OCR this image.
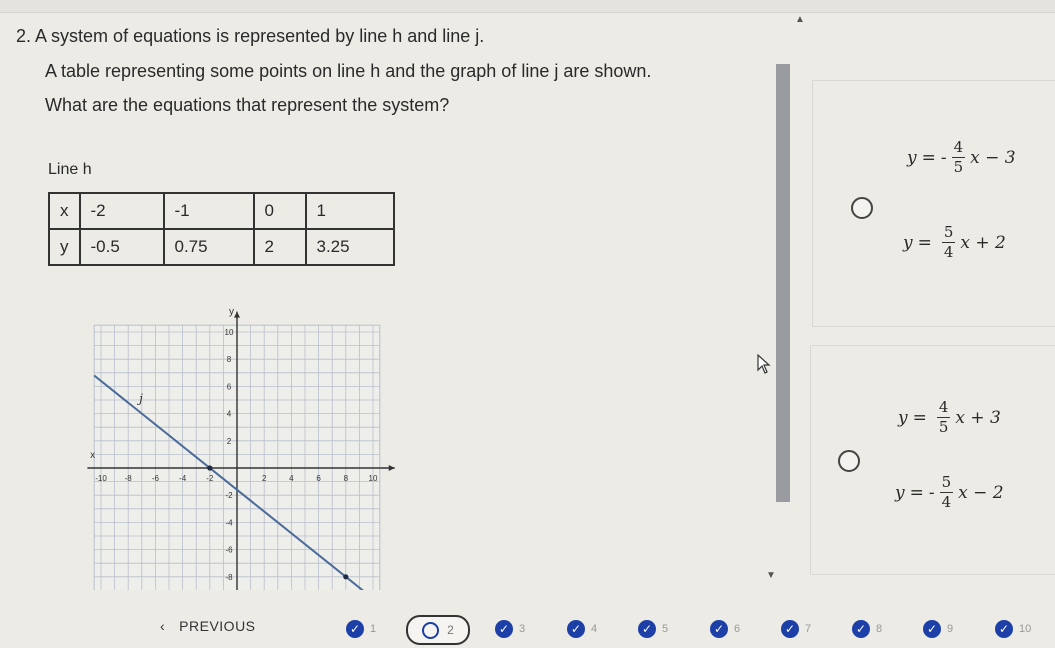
2. A system of equations is represented by line h and line j.
A table representing some points on line h and the graph of line j are shown.
What are the equations that represent the system?
Line h
x	-2	-1	0	1
y	-0.5	0.75	2	3.25
-10 -8	-6	-4	-2	2	4	6	8	10
10
8
6
4
2
-2
-4
-6
-8
y
x
j
▲
▼
y = - $\frac{4}{5}$ x − 3
$y = \frac{5}{4}$ x + 2
$y = \frac{4}{5}$ x + 3
y = - $\frac{5}{4}$ x − 2
‹ PREVIOUS	✓ 1	2	✓ 3	✓ 4	✓ 5	✓ 6	✓ 7	✓ 8	✓ 9	✓ 10
